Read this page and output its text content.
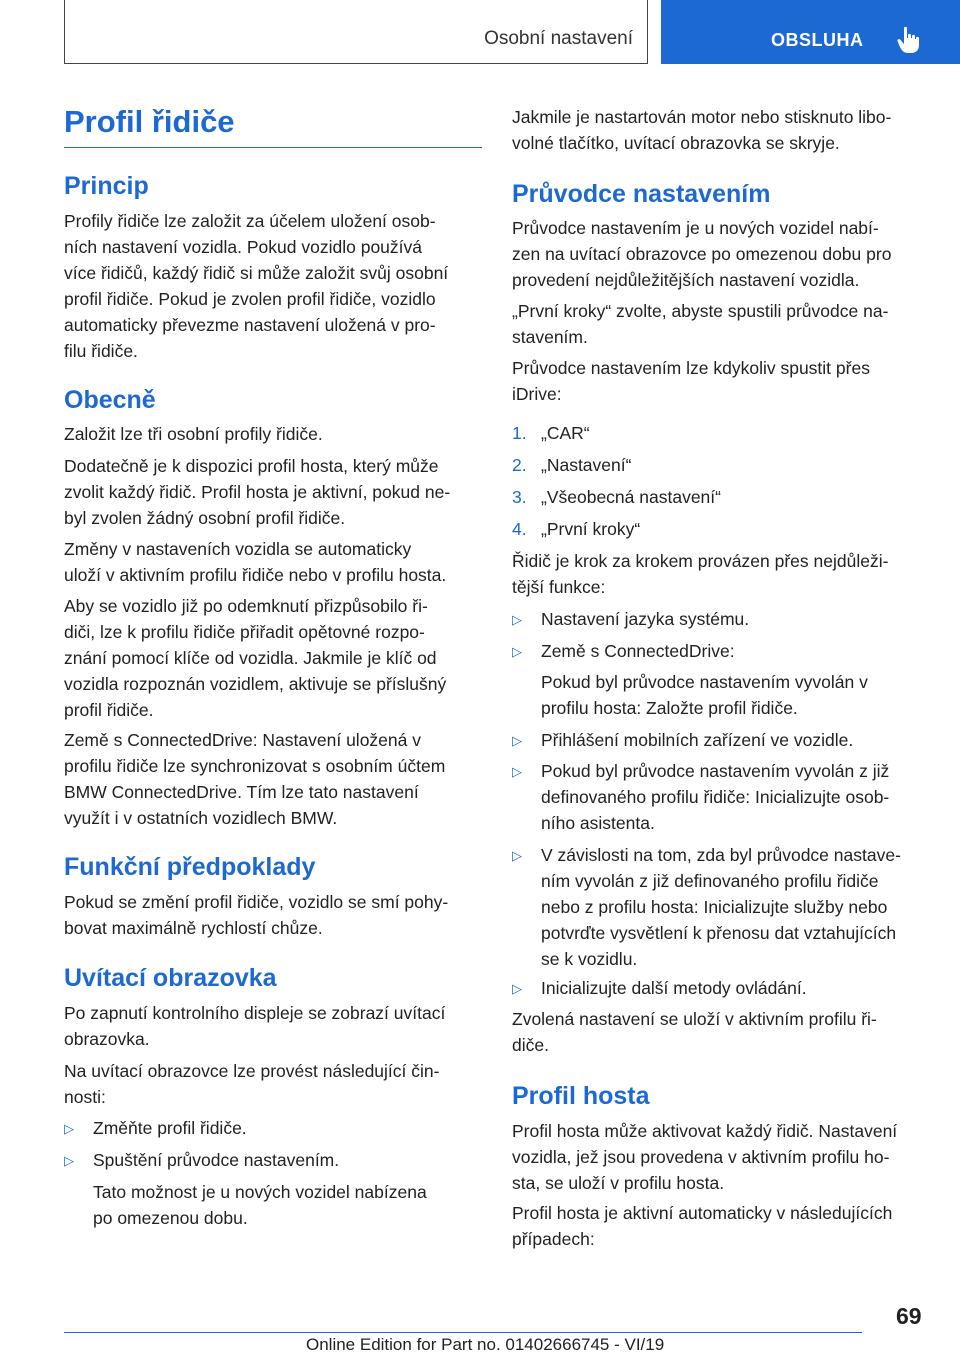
Osobní nastavení	OBSLUHA
Profil řidiče
Princip

Profily řidiče lze založit za účelem uložení osob-
ních nastavení vozidla. Pokud vozidlo používá
více řidičů, každý řidič si může založit svůj osobní
profil řidiče. Pokud je zvolen profil řidiče, vozidlo
automaticky převezme nastavení uložená v pro-
filu řidiče.

Obecně

Založit lze tři osobní profily řidiče.

Dodatečně je k dispozici profil hosta, který může
zvolit každý řidič. Profil hosta je aktivní, pokud ne-
byl zvolen žádný osobní profil řidiče.

Změny v nastaveních vozidla se automaticky
uloží v aktivním profilu řidiče nebo v profilu hosta.

Aby se vozidlo již po odemknutí přizpůsobilo ři-
diči, lze k profilu řidiče přiřadit opětovné rozpo-
znání pomocí klíče od vozidla. Jakmile je klíč od
vozidla rozpoznán vozidlem, aktivuje se příslušný
profil řidiče.

Země s ConnectedDrive: Nastavení uložená v
profilu řidiče lze synchronizovat s osobním účtem
BMW ConnectedDrive. Tím lze tato nastavení
využít i v ostatních vozidlech BMW.

Funkční předpoklady

Pokud se změní profil řidiče, vozidlo se smí pohy-
bovat maximálně rychlostí chůze.

Uvítací obrazovka

Po zapnutí kontrolního displeje se zobrazí uvítací
obrazovka.

Na uvítací obrazovce lze provést následující čin-
nosti:

▷ Změňte profil řidiče.

▷ Spuštění průvodce nastavením.

Tato možnost je u nových vozidel nabízena
po omezenou dobu.

Jakmile je nastartován motor nebo stisknuto libo-
volné tlačítko, uvítací obrazovka se skryje.

Průvodce nastavením

Průvodce nastavením je u nových vozidel nabí-
zen na uvítací obrazovce po omezenou dobu pro
provedení nejdůležitějších nastavení vozidla.

„První kroky“ zvolte, abyste spustili průvodce na-
stavením.

Průvodce nastavením lze kdykoliv spustit přes
iDrive:

1. „CAR“

2. „Nastavení“

3. „Všeobecná nastavení“

4. „První kroky“

Řidič je krok za krokem provázen přes nejdůleži-
tější funkce:

▷ Nastavení jazyka systému.

▷ Země s ConnectedDrive:

Pokud byl průvodce nastavením vyvolán v
profilu hosta: Založte profil řidiče.

▷ Přihlášení mobilních zařízení ve vozidle.

▷ Pokud byl průvodce nastavením vyvolán z již
definovaného profilu řidiče: Inicializujte osob-
ního asistenta.

▷ V závislosti na tom, zda byl průvodce nastave-
ním vyvolán z již definovaného profilu řidiče
nebo z profilu hosta: Inicializujte služby nebo
potvrďte vysvětlení k přenosu dat vztahujících
se k vozidlu.

▷ Inicializujte další metody ovládání.

Zvolená nastavení se uloží v aktivním profilu ři-
diče.

Profil hosta

Profil hosta může aktivovat každý řidič. Nastavení
vozidla, jež jsou provedena v aktivním profilu ho-
sta, se uloží v profilu hosta.

Profil hosta je aktivní automaticky v následujících
případech:

69
Online Edition for Part no. 01402666745 - VI/19
